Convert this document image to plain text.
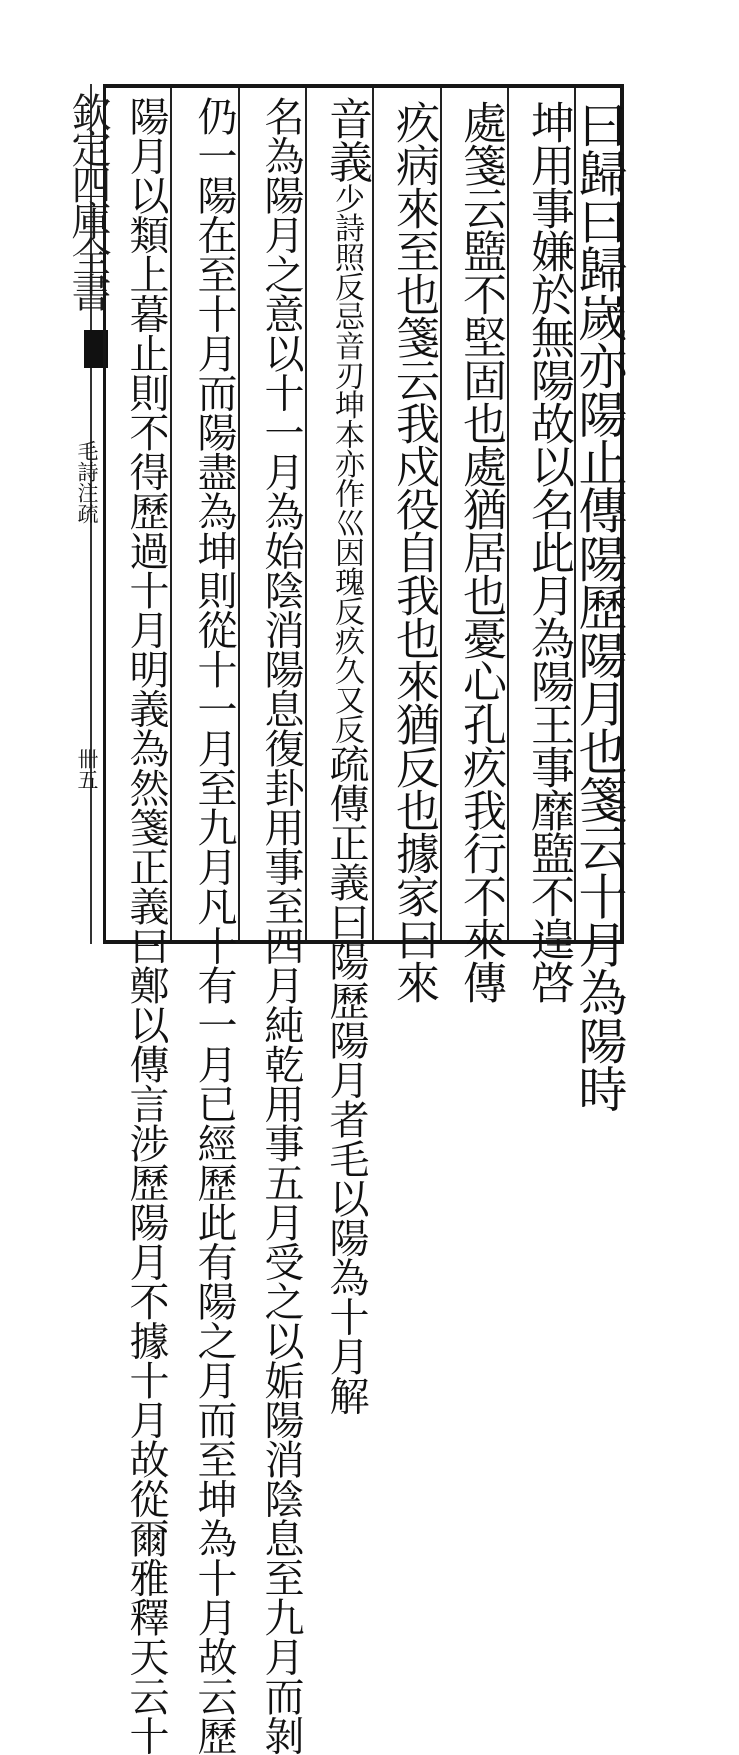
欽定四庫全書
毛詩注疏
卌五	曰歸曰歸嵗亦陽止傳陽歷陽月也箋云十月為陽時
坤用事嫌於無陽故以名此月為陽王事靡盬不遑啓
處箋云盬不堅固也處猶居也憂心孔疚我行不來傳
疚病來至也箋云我戍役自我也來猶反也據家曰來
音義少詩照反忌音刃坤本亦作巛因瑰反疚久又反疏傳正義曰陽歷陽月者毛以陽為十月解
名為陽月之意以十一月為始陰消陽息復卦用事至四月純乾用事五月受之以姤陽消陰息至九月而剝
仍一陽在至十月而陽盡為坤則從十一月至九月凡十有一月已經歷此有陽之月而至坤為十月故云歷
陽月以類上暮止則不得歷過十月明義為然箋正義曰鄭以傳言涉歷陽月不據十月故從爾雅釋天云十
